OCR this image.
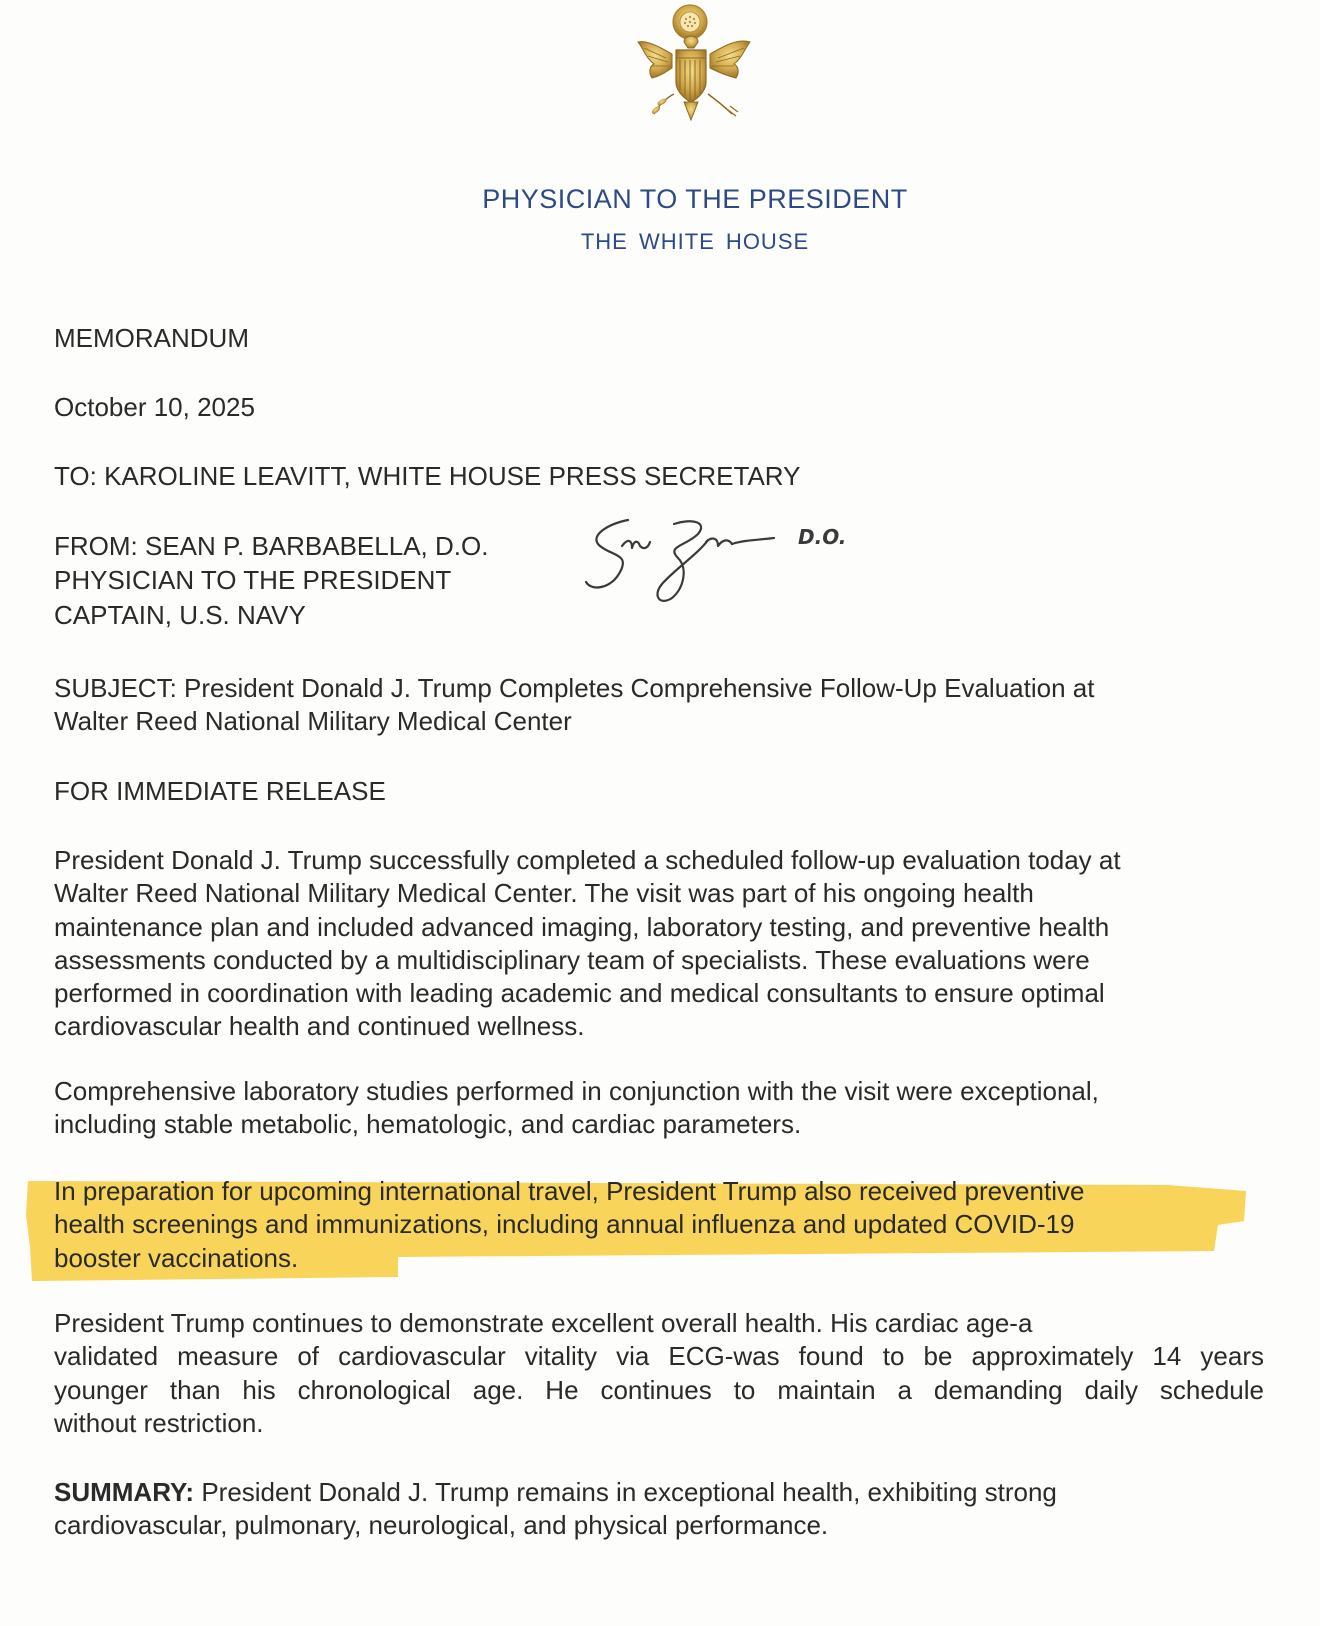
PHYSICIAN TO THE PRESIDENT
THE WHITE HOUSE
MEMORANDUM
October 10, 2025
TO: KAROLINE LEAVITT, WHITE HOUSE PRESS SECRETARY
FROM: SEAN P. BARBABELLA, D.O.
PHYSICIAN TO THE PRESIDENT
CAPTAIN, U.S. NAVY
D.O.
SUBJECT: President Donald J. Trump Completes Comprehensive Follow-Up Evaluation at
Walter Reed National Military Medical Center
FOR IMMEDIATE RELEASE
President Donald J. Trump successfully completed a scheduled follow-up evaluation today at
Walter Reed National Military Medical Center. The visit was part of his ongoing health
maintenance plan and included advanced imaging, laboratory testing, and preventive health
assessments conducted by a multidisciplinary team of specialists. These evaluations were
performed in coordination with leading academic and medical consultants to ensure optimal
cardiovascular health and continued wellness.
Comprehensive laboratory studies performed in conjunction with the visit were exceptional,
including stable metabolic, hematologic, and cardiac parameters.
In preparation for upcoming international travel, President Trump also received preventive
health screenings and immunizations, including annual influenza and updated COVID-19
booster vaccinations.
President Trump continues to demonstrate excellent overall health. His cardiac age-a
validated measure of cardiovascular vitality via ECG-was found to be approximately 14 years
younger than his chronological age. He continues to maintain a demanding daily schedule
without restriction.
SUMMARY: President Donald J. Trump remains in exceptional health, exhibiting strong
cardiovascular, pulmonary, neurological, and physical performance.
